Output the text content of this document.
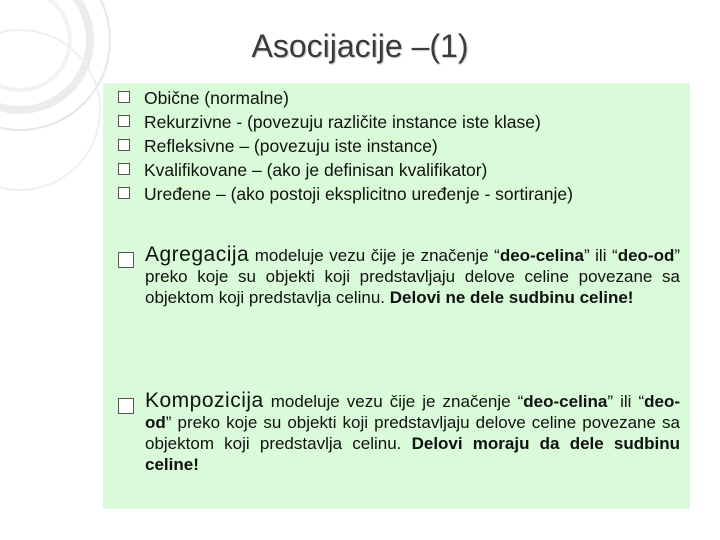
Asocijacije –(1)
Obične (normalne)
Rekurzivne - (povezuju različite instance iste klase)
Refleksivne – (povezuju iste instance)
Kvalifikovane – (ako je definisan kvalifikator)
Uređene – (ako postoji eksplicitno uređenje - sortiranje)
Agregacija modeluje vezu čije je značenje “deo-celina” ili “deo-od” preko koje su objekti koji predstavljaju delove celine povezane sa objektom koji predstavlja celinu. Delovi ne dele sudbinu celine!
Kompozicija modeluje vezu čije je značenje “deo-celina” ili “deo-od” preko koje su objekti koji predstavljaju delove celine povezane sa objektom koji predstavlja celinu. Delovi moraju da dele sudbinu celine!
